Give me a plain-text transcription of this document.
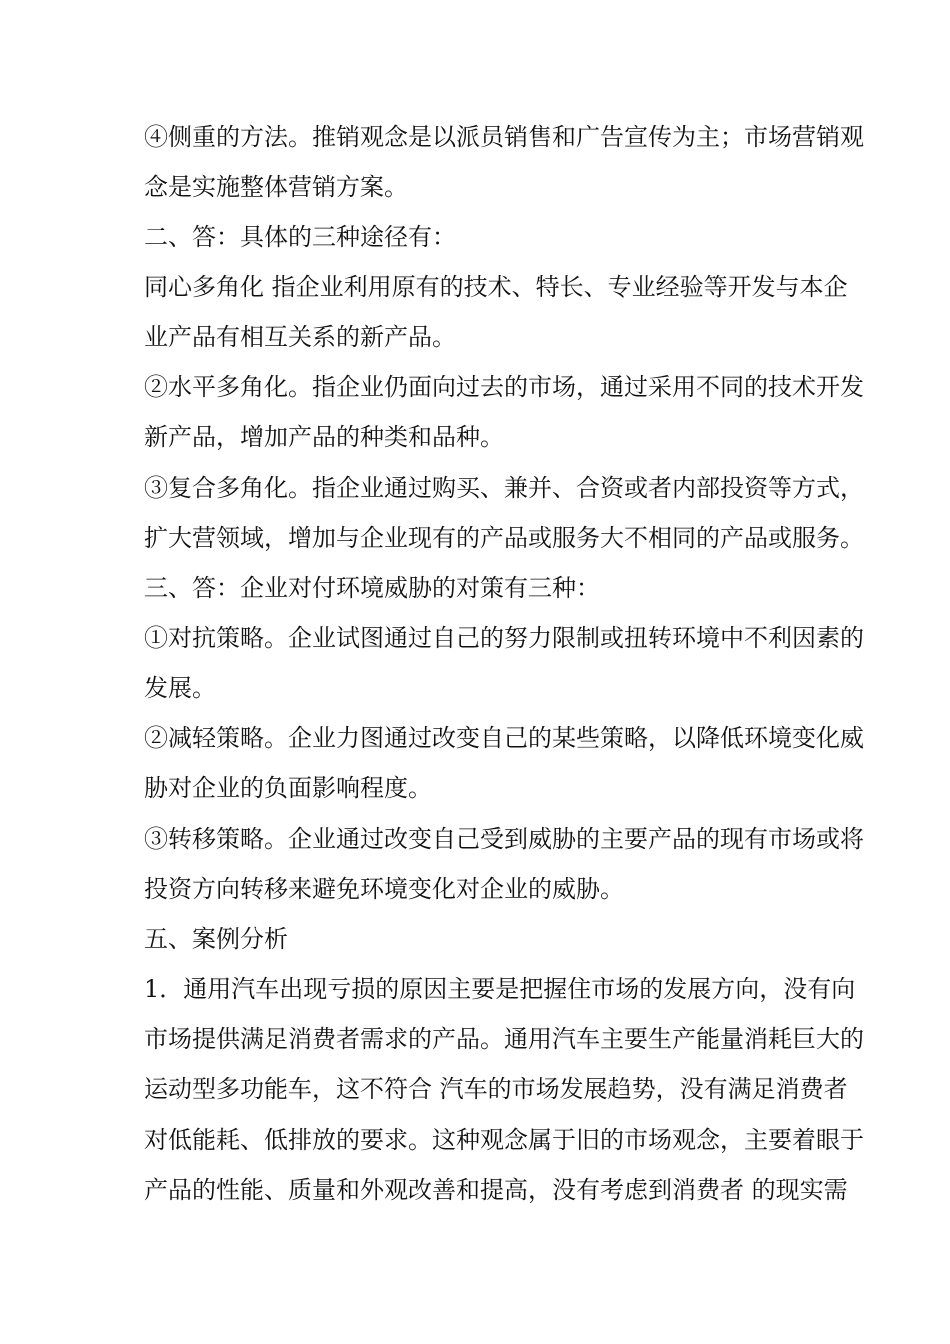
④侧重的方法。推销观念是以派员销售和广告宣传为主；市场营销观
念是实施整体营销方案。
二、答：具体的三种途径有：
同心多角化 指企业利用原有的技术、特长、专业经验等开发与本企
业产品有相互关系的新产品。
②水平多角化。指企业仍面向过去的市场，通过采用不同的技术开发
新产品，增加产品的种类和品种。
③复合多角化。指企业通过购买、兼并、合资或者内部投资等方式，
扩大营领域，增加与企业现有的产品或服务大不相同的产品或服务。
三、答：企业对付环境威胁的对策有三种：
①对抗策略。企业试图通过自己的努力限制或扭转环境中不利因素的
发展。
②减轻策略。企业力图通过改变自己的某些策略，以降低环境变化威
胁对企业的负面影响程度。
③转移策略。企业通过改变自己受到威胁的主要产品的现有市场或将
投资方向转移来避免环境变化对企业的威胁。
五、案例分析
1．通用汽车出现亏损的原因主要是把握住市场的发展方向，没有向
市场提供满足消费者需求的产品。通用汽车主要生产能量消耗巨大的
运动型多功能车，这不符合 汽车的市场发展趋势，没有满足消费者
对低能耗、低排放的要求。这种观念属于旧的市场观念，主要着眼于
产品的性能、质量和外观改善和提高，没有考虑到消费者 的现实需
